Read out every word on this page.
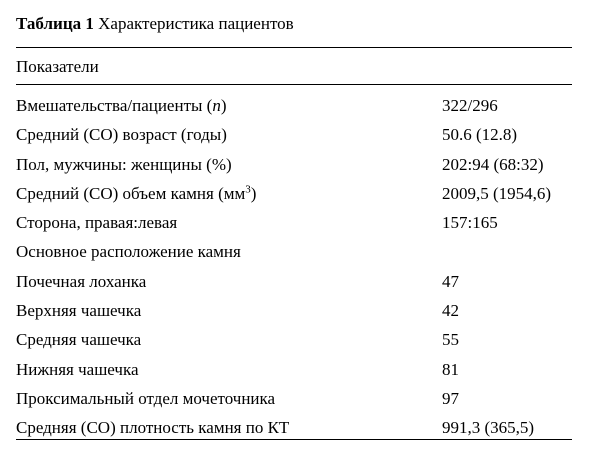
Таблица 1 Характеристика пациентов
Показатели
Вмешательства/пациенты (n)	322/296
Средний (СО) возраст (годы)	50.6 (12.8)
Пол, мужчины: женщины (%)	202:94 (68:32)
Средний (СО) объем камня $(мм^3)$	2009,5 (1954,6)
Сторона, правая:левая	157:165
Основное расположение камня
Почечная лоханка	47
Верхняя чашечка	42
Средняя чашечка	55
Нижняя чашечка	81
Проксимальный отдел мочеточника	97
Средняя (СО) плотность камня по КТ	991,3 (365,5)
